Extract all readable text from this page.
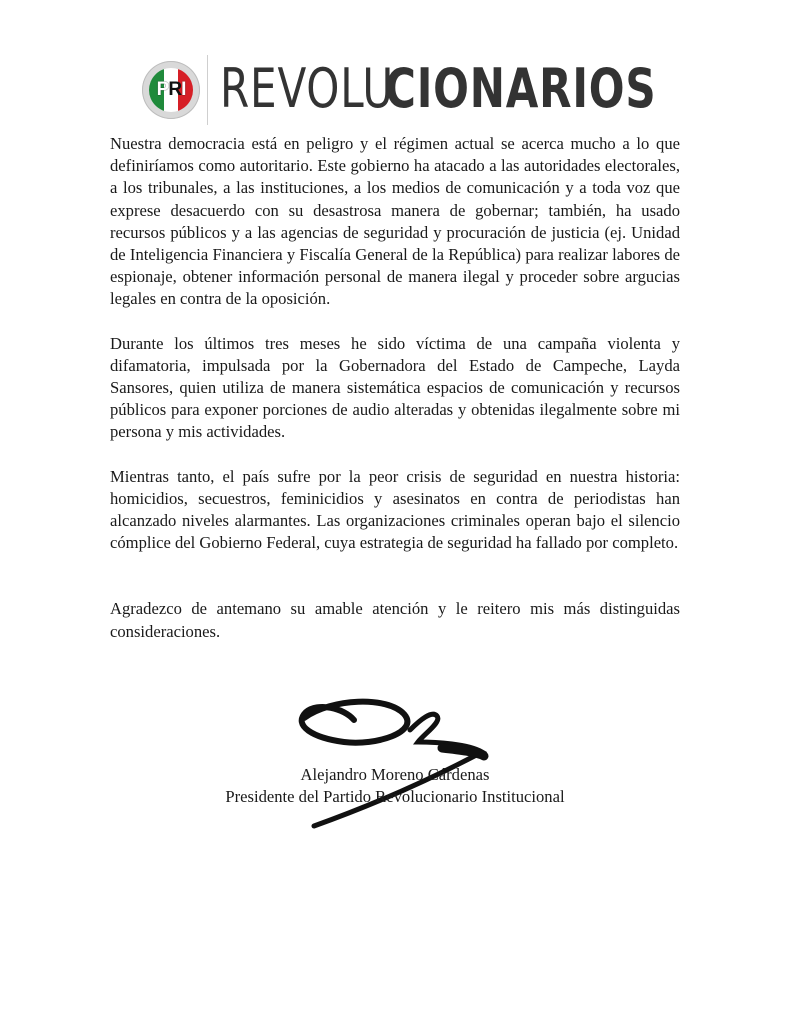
P R I REVOLUCIONARIOS

Nuestra democracia está en peligro y el régimen actual se acerca mucho a lo que definiríamos como autoritario. Este gobierno ha atacado a las autoridades electorales, a los tribunales, a las instituciones, a los medios de comunicación y a toda voz que exprese desacuerdo con su desastrosa manera de gobernar; también, ha usado recursos públicos y a las agencias de seguridad y procuración de justicia (ej. Unidad de Inteligencia Financiera y Fiscalía General de la República) para realizar labores de espionaje, obtener información personal de manera ilegal y proceder sobre argucias legales en contra de la oposición.

Durante los últimos tres meses he sido víctima de una campaña violenta y difamatoria, impulsada por la Gobernadora del Estado de Campeche, Layda Sansores, quien utiliza de manera sistemática espacios de comunicación y recursos públicos para exponer porciones de audio alteradas y obtenidas ilegalmente sobre mi persona y mis actividades.

Mientras tanto, el país sufre por la peor crisis de seguridad en nuestra historia: homicidios, secuestros, feminicidios y asesinatos en contra de periodistas han alcanzado niveles alarmantes. Las organizaciones criminales operan bajo el silencio cómplice del Gobierno Federal, cuya estrategia de seguridad ha fallado por completo.

Agradezco de antemano su amable atención y le reitero mis más distinguidas consideraciones.

Alejandro Moreno Cárdenas
Presidente del Partido Revolucionario Institucional
